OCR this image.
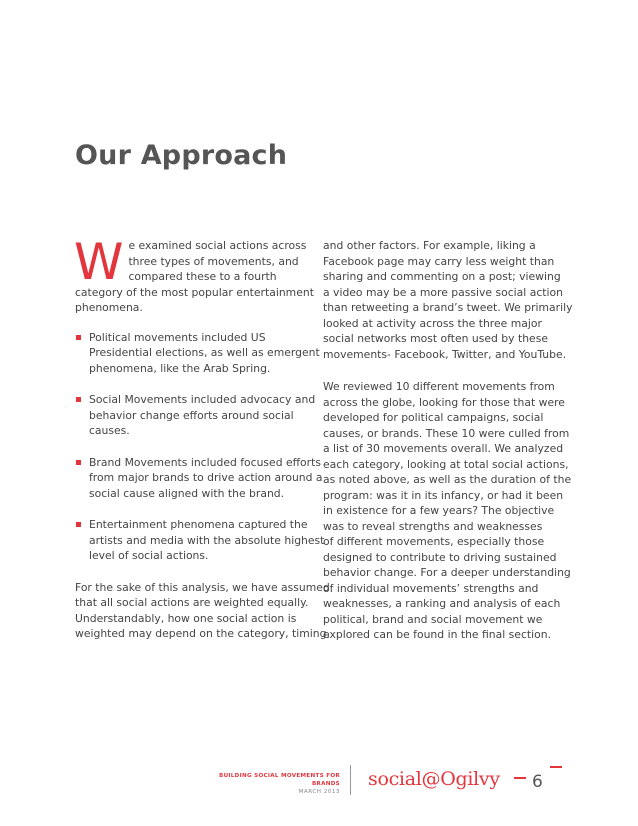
Our Approach
W e examined social actions across
three types of movements, and
compared these to a fourth
category of the most popular entertainment
phenomena.
Political movements included US
Presidential elections, as well as emergent
phenomena, like the Arab Spring.
Social Movements included advocacy and
behavior change efforts around social
causes.
Brand Movements included focused efforts
from major brands to drive action around a
social cause aligned with the brand.
Entertainment phenomena captured the
artists and media with the absolute highest
level of social actions.
For the sake of this analysis, we have assumed
that all social actions are weighted equally.
Understandably, how one social action is
weighted may depend on the category, timing,
and other factors. For example, liking a
Facebook page may carry less weight than
sharing and commenting on a post; viewing
a video may be a more passive social action
than retweeting a brand’s tweet. We primarily
looked at activity across the three major
social networks most often used by these
movements- Facebook, Twitter, and YouTube.
We reviewed 10 different movements from
across the globe, looking for those that were
developed for political campaigns, social
causes, or brands. These 10 were culled from
a list of 30 movements overall. We analyzed
each category, looking at total social actions,
as noted above, as well as the duration of the
program: was it in its infancy, or had it been
in existence for a few years? The objective
was to reveal strengths and weaknesses
of different movements, especially those
designed to contribute to driving sustained
behavior change. For a deeper understanding
of individual movements’ strengths and
weaknesses, a ranking and analysis of each
political, brand and social movement we
explored can be found in the final section.
BUILDING SOCIAL MOVEMENTS FOR BRANDS
MARCH 2013
social@Ogilvy 6
